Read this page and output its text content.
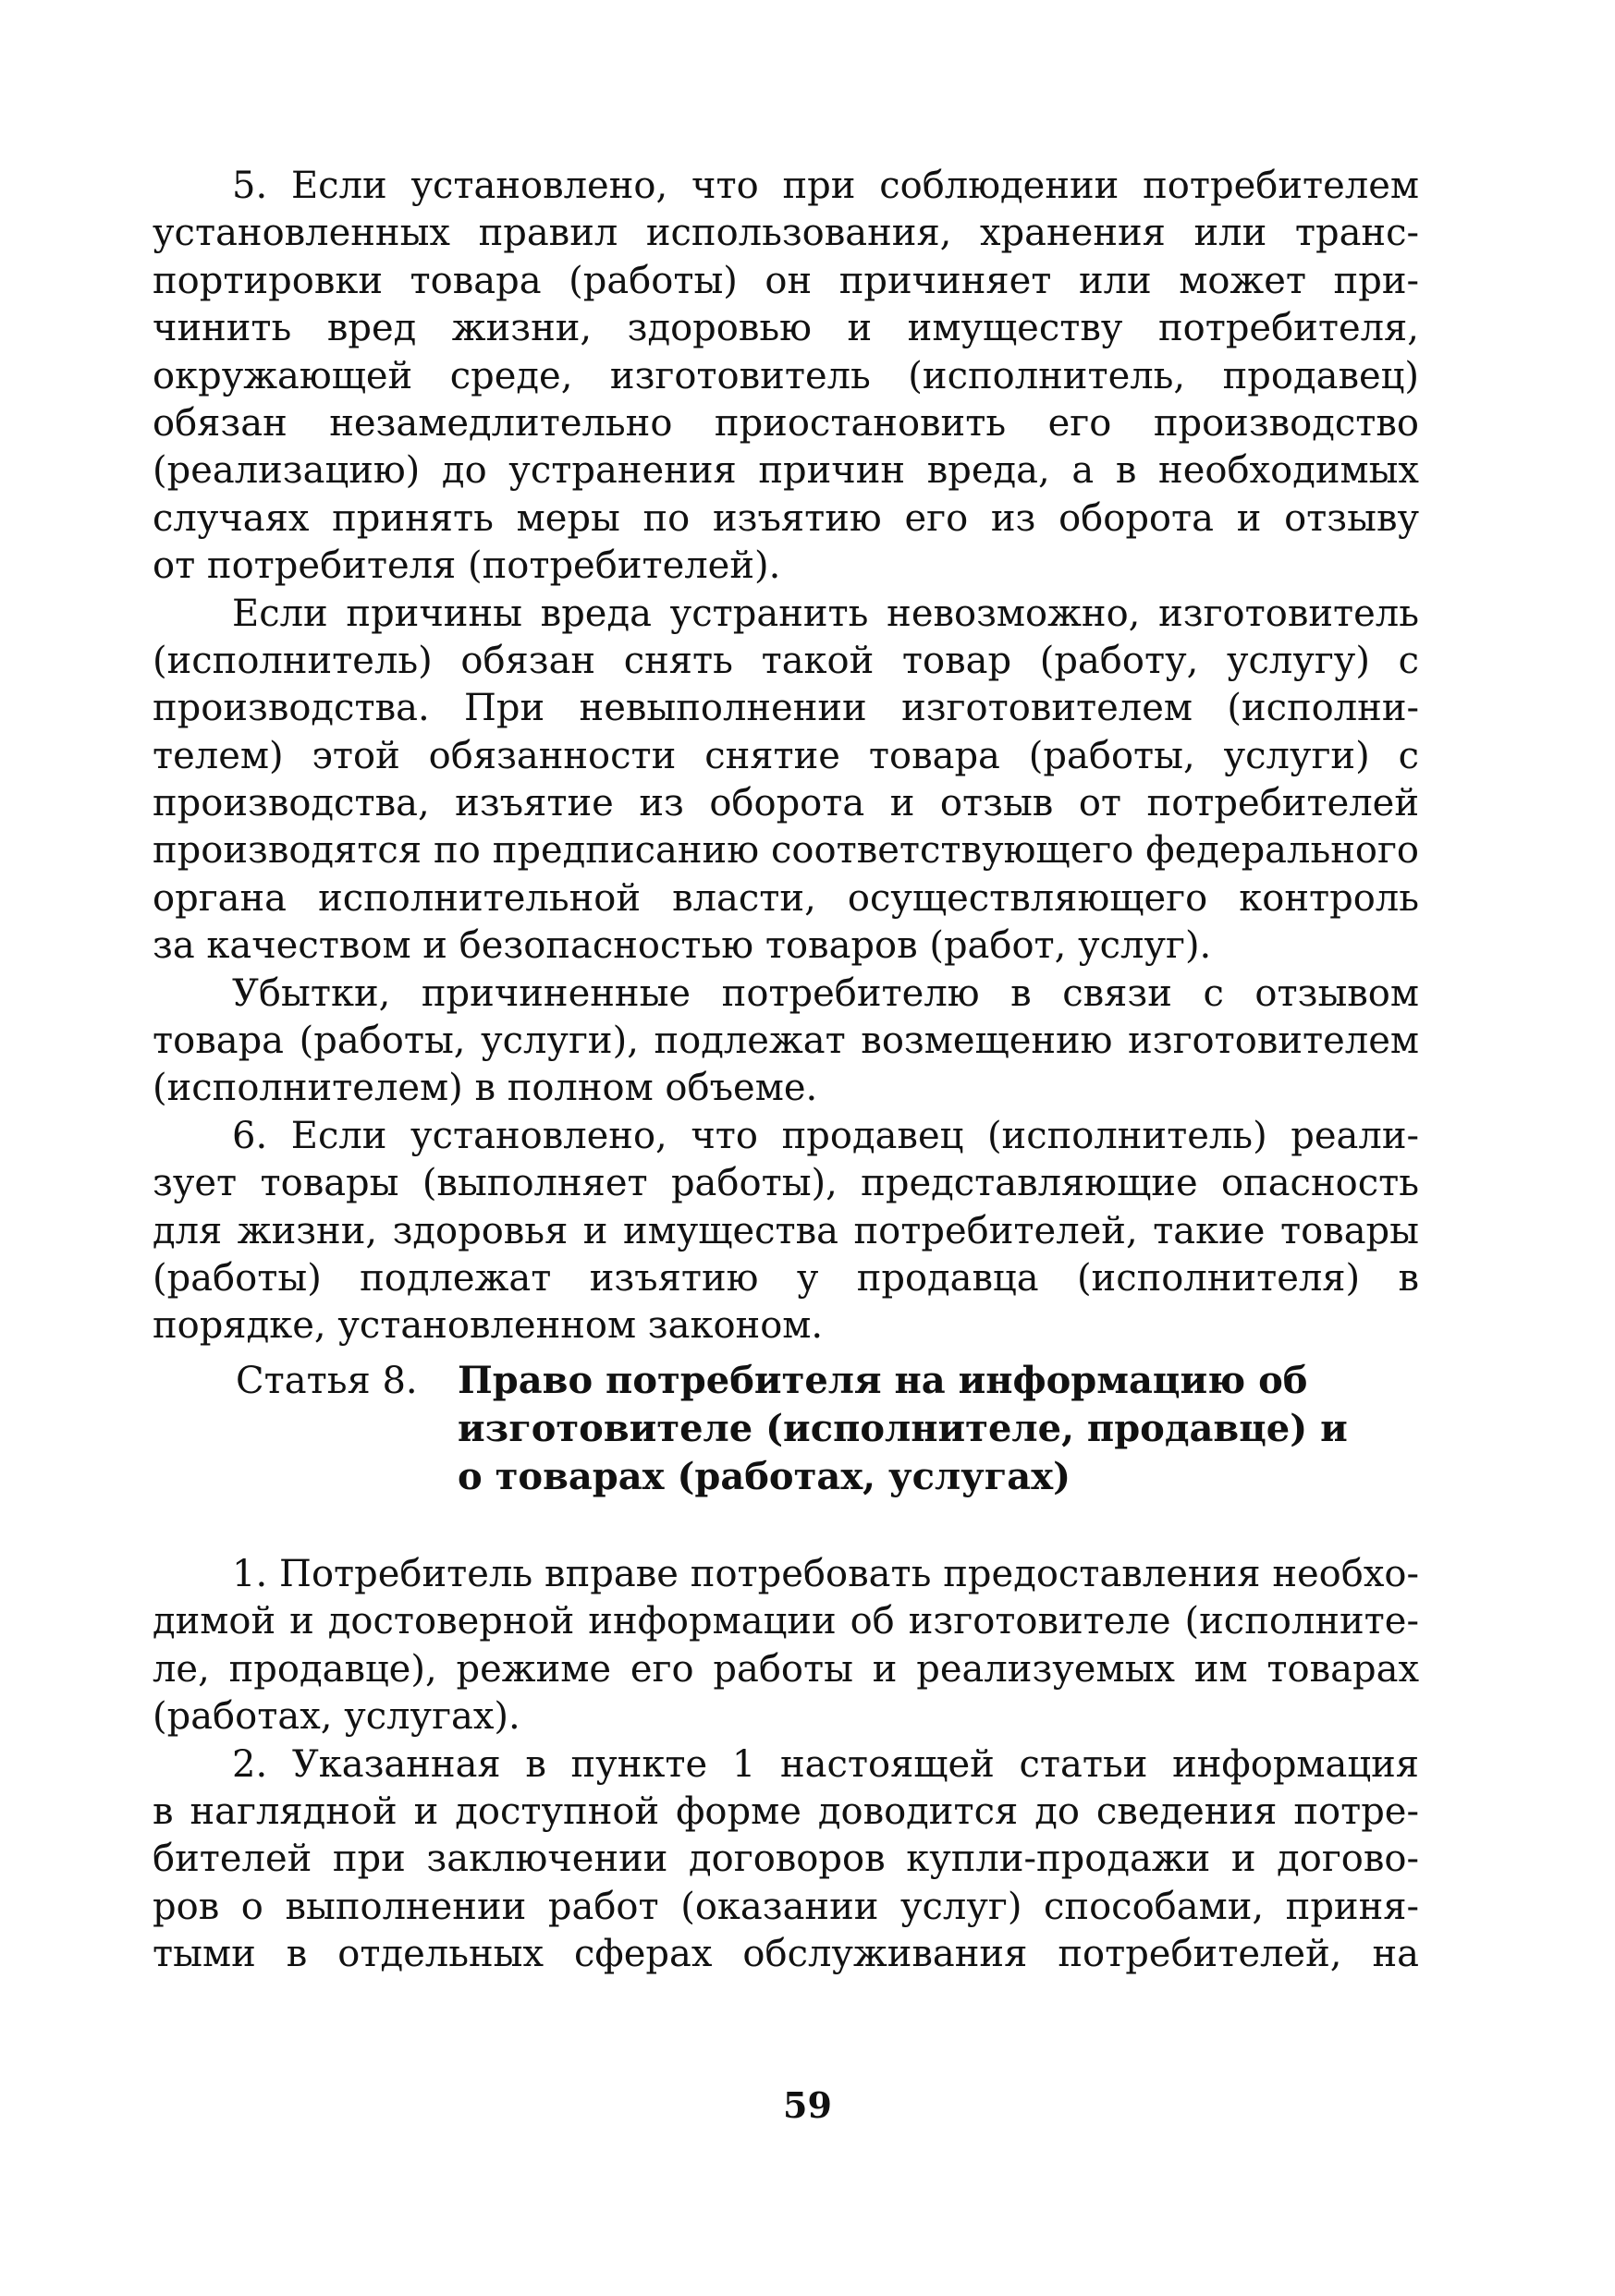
5. Если установлено, что при соблюдении потребителем
установленных правил использования, хранения или транс-
портировки товара (работы) он причиняет или может при-
чинить вред жизни, здоровью и имуществу потребителя,
окружающей среде, изготовитель (исполнитель, продавец)
обязан незамедлительно приостановить его производство
(реализацию) до устранения причин вреда, а в необходимых
случаях принять меры по изъятию его из оборота и отзыву
от потребителя (потребителей).
Если причины вреда устранить невозможно, изготовитель
(исполнитель) обязан снять такой товар (работу, услугу) с
производства. При невыполнении изготовителем (исполни-
телем) этой обязанности снятие товара (работы, услуги) с
производства, изъятие из оборота и отзыв от потребителей
производятся по предписанию соответствующего федерального
органа исполнительной власти, осуществляющего контроль
за качеством и безопасностью товаров (работ, услуг).
Убытки, причиненные потребителю в связи с отзывом
товара (работы, услуги), подлежат возмещению изготовителем
(исполнителем) в полном объеме.
6. Если установлено, что продавец (исполнитель) реали-
зует товары (выполняет работы), представляющие опасность
для жизни, здоровья и имущества потребителей, такие товары
(работы) подлежат изъятию у продавца (исполнителя) в
порядке, установленном законом.
Статья 8. Право потребителя на информацию об
изготовителе (исполнителе, продавце) и
о товарах (работах, услугах)
1. Потребитель вправе потребовать предоставления необхо-
димой и достоверной информации об изготовителе (исполните-
ле, продавце), режиме его работы и реализуемых им товарах
(работах, услугах).
2. Указанная в пункте 1 настоящей статьи информация
в наглядной и доступной форме доводится до сведения потре-
бителей при заключении договоров купли-продажи и догово-
ров о выполнении работ (оказании услуг) способами, приня-
тыми в отдельных сферах обслуживания потребителей, на
59
